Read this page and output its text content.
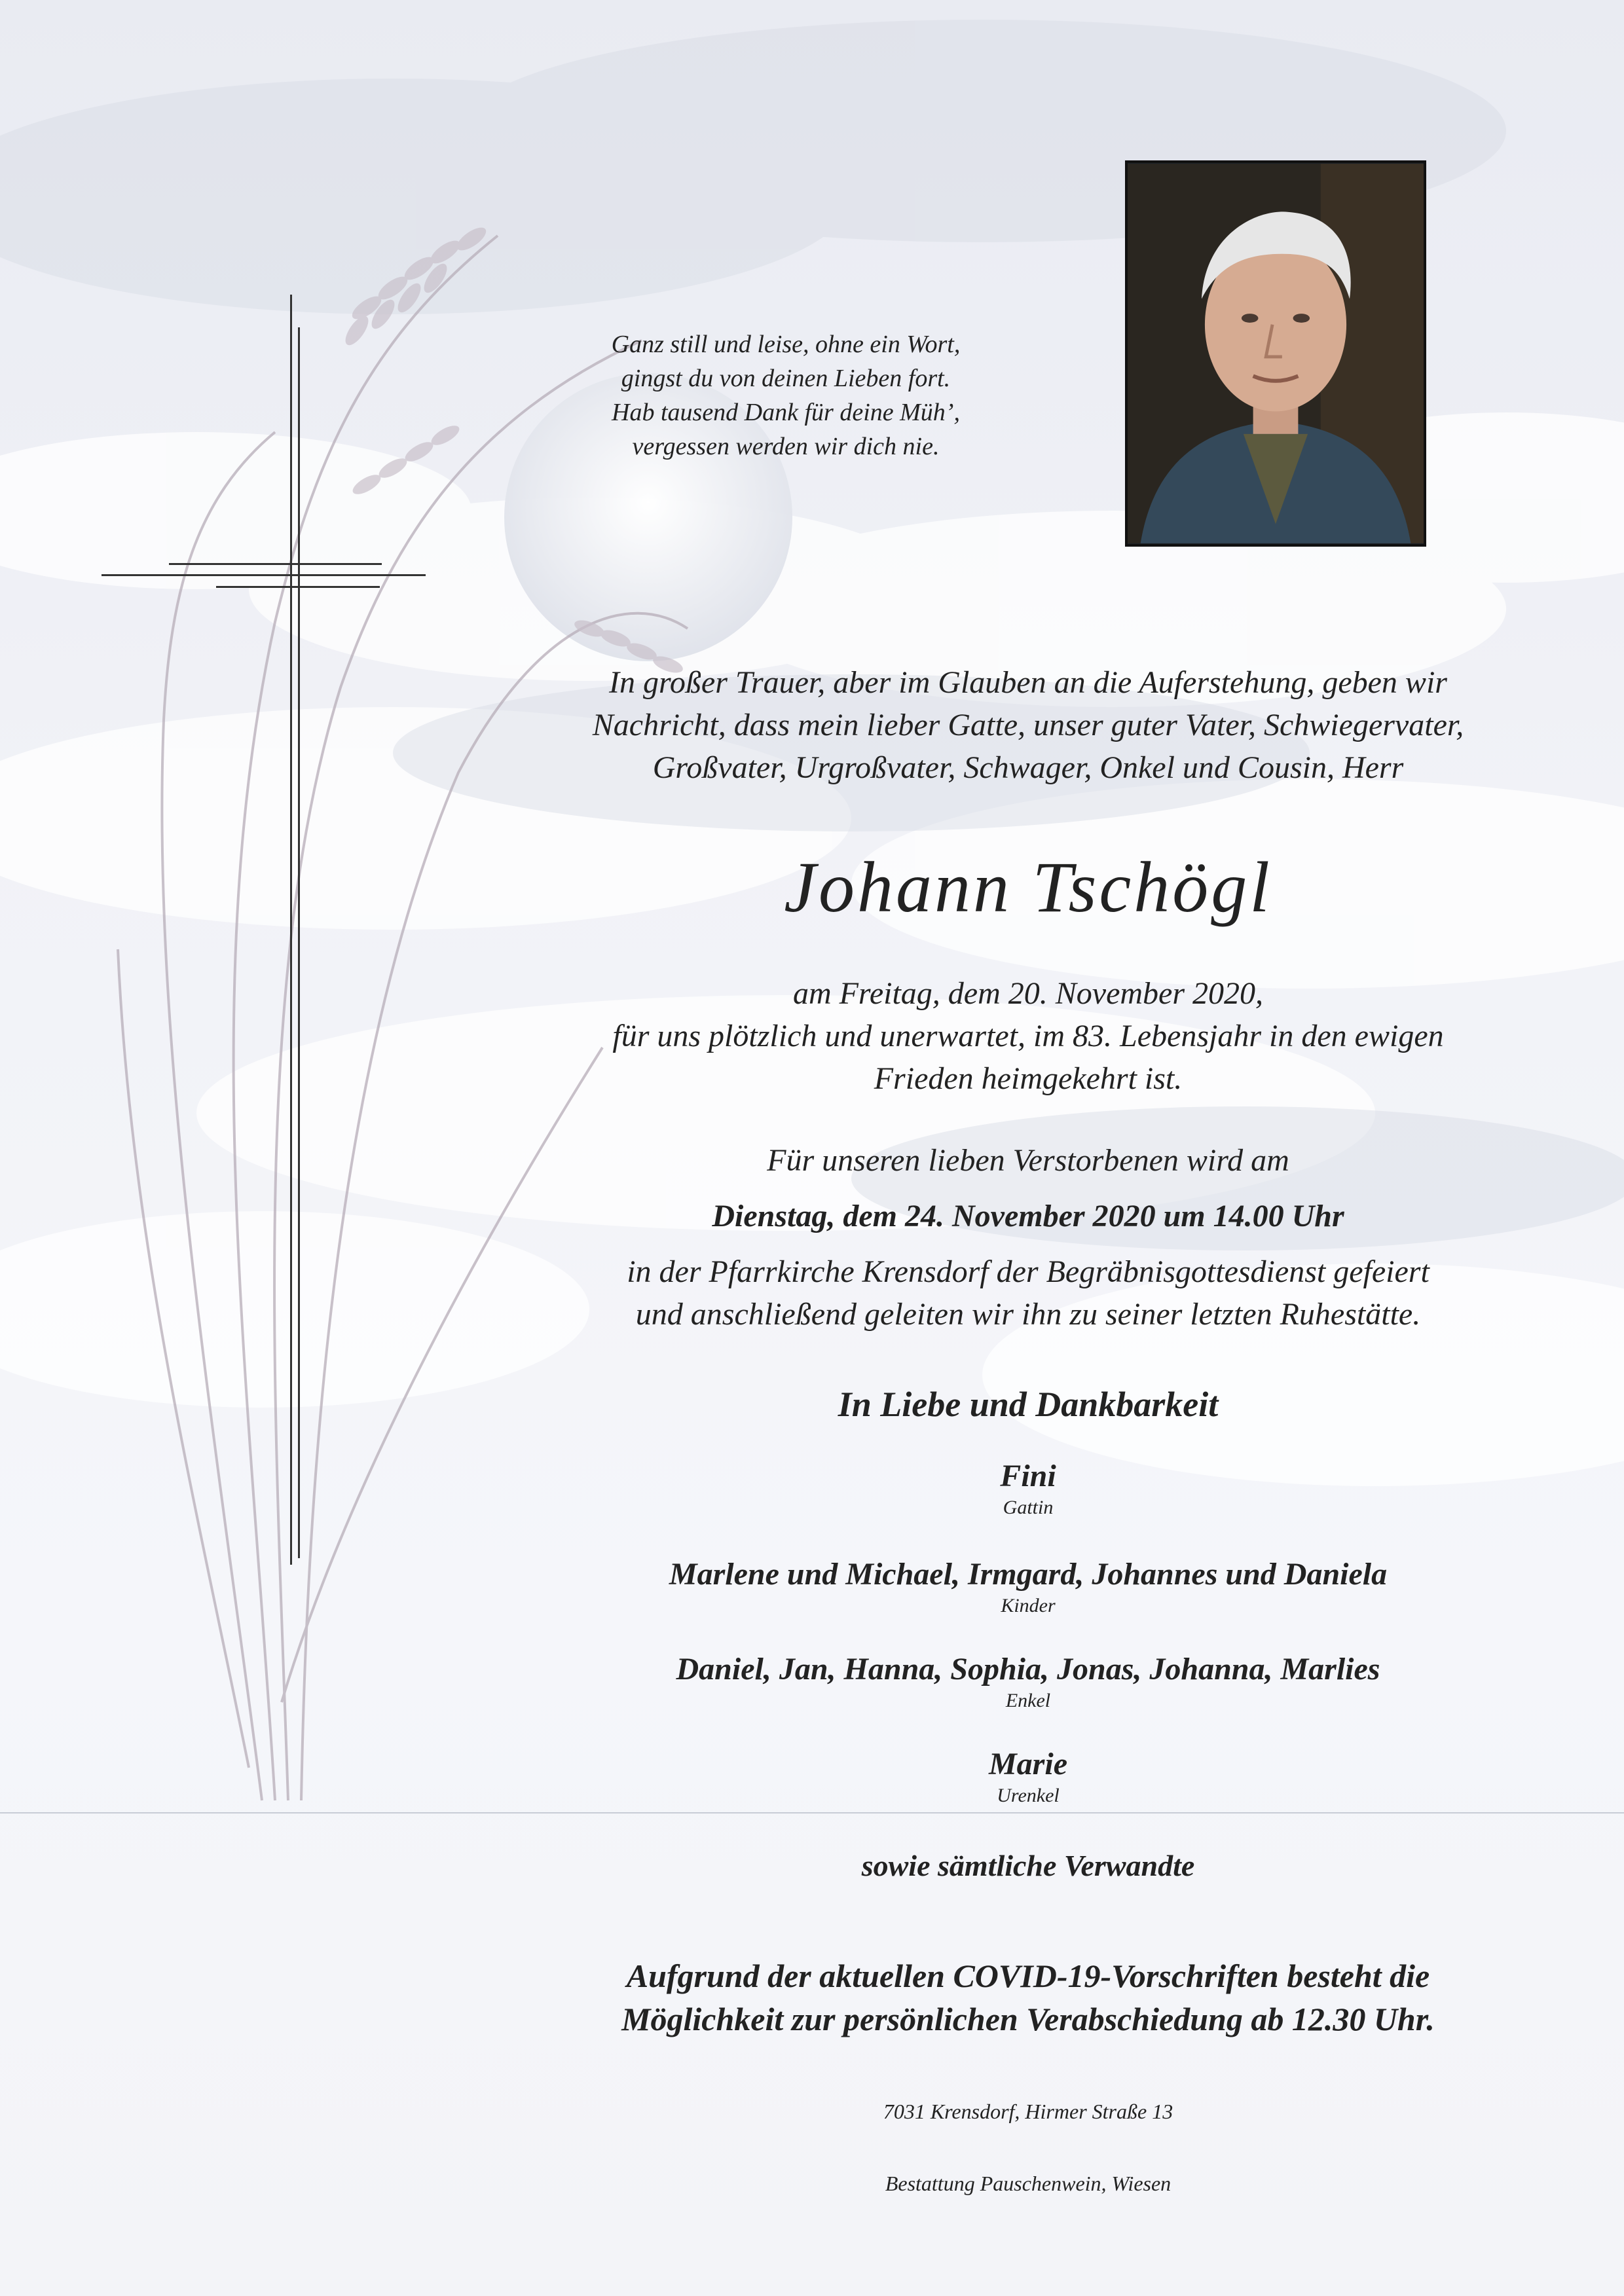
Ganz still und leise, ohne ein Wort,
gingst du von deinen Lieben fort.
Hab tausend Dank für deine Müh’,
vergessen werden wir dich nie.
In großer Trauer, aber im Glauben an die Auferstehung, geben wir
Nachricht, dass mein lieber Gatte, unser guter Vater, Schwiegervater,
Großvater, Urgroßvater, Schwager, Onkel und Cousin, Herr
Johann Tschögl
am Freitag, dem 20. November 2020,
für uns plötzlich und unerwartet, im 83. Lebensjahr in den ewigen
Frieden heimgekehrt ist.
Für unseren lieben Verstorbenen wird am
Dienstag, dem 24. November 2020 um 14.00 Uhr
in der Pfarrkirche Krensdorf der Begräbnisgottesdienst gefeiert
und anschließend geleiten wir ihn zu seiner letzten Ruhestätte.
In Liebe und Dankbarkeit
Fini
Gattin
Marlene und Michael, Irmgard, Johannes und Daniela
Kinder
Daniel, Jan, Hanna, Sophia, Jonas, Johanna, Marlies
Enkel
Marie
Urenkel
sowie sämtliche Verwandte
Aufgrund der aktuellen COVID-19-Vorschriften besteht die
Möglichkeit zur persönlichen Verabschiedung ab 12.30 Uhr.
7031 Krensdorf, Hirmer Straße 13
Bestattung Pauschenwein, Wiesen
